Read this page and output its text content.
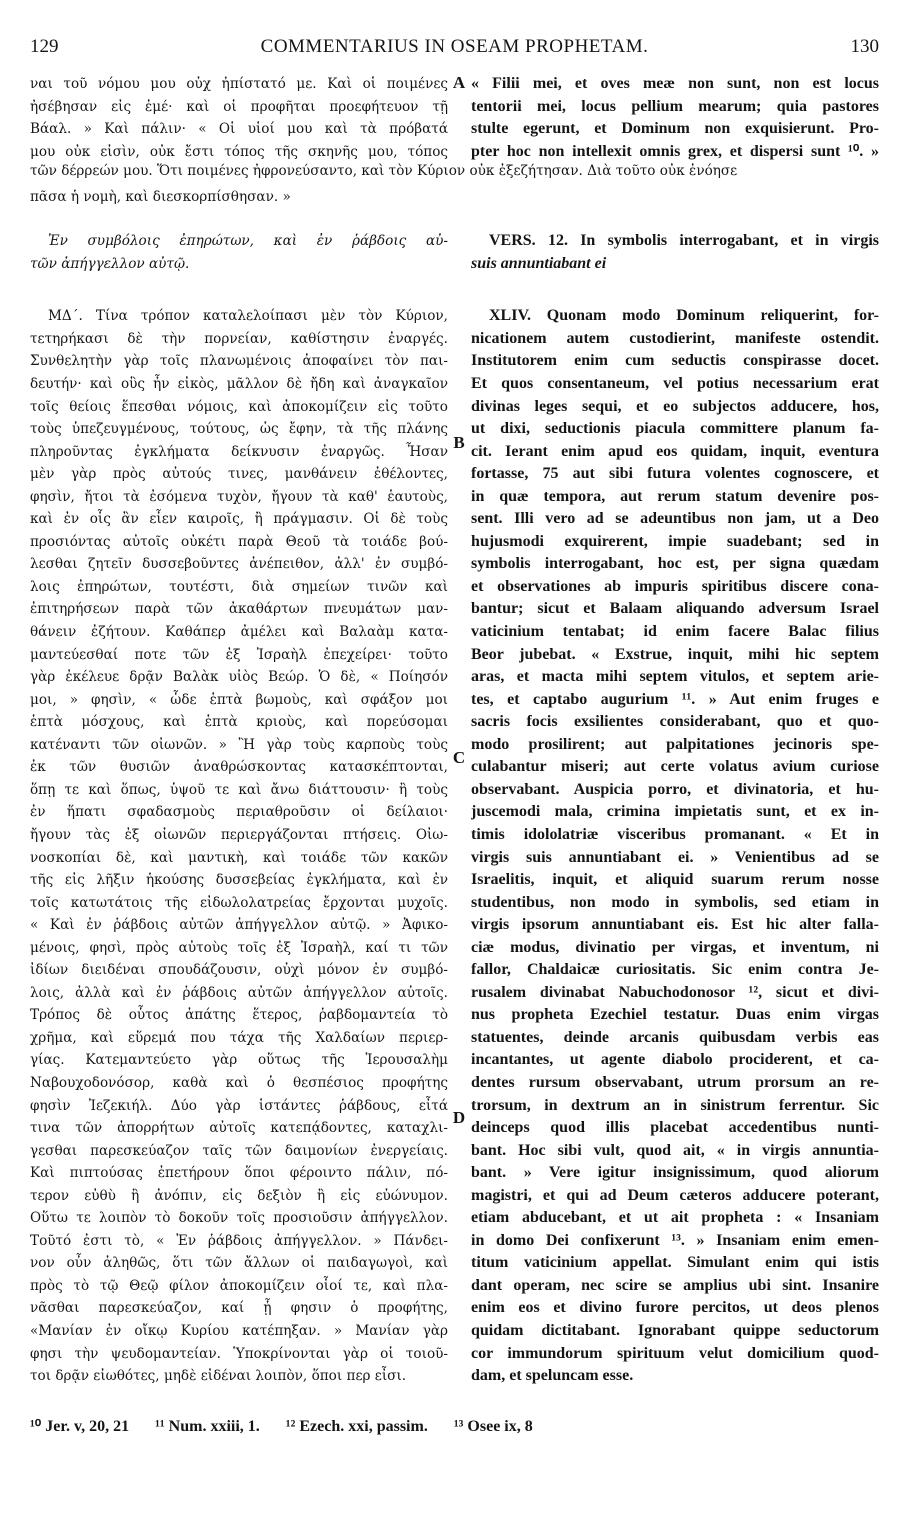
129	COMMENTARIUS IN OSEAM PROPHETAM.	130
ναι τοῦ νόμου μου οὐχ ἠπίστατό με. Καὶ οἱ ποιμένες
ἠσέβησαν εἰς ἐμέ· καὶ οἱ προφῆται προεφήτευον τῇ
Βάαλ. » Καὶ πάλιν· « Οἱ υἱοί μου καὶ τὰ πρόβατά
μου οὐκ εἰσὶν, οὐκ ἔστι τόπος τῆς σκηνῆς μου, τόπος
πᾶσα ἡ νομὴ, καὶ διεσκορπίσθησαν. »
Ἐν συμβόλοις ἐπηρώτων, καὶ ἐν ῥάβδοις αὐ-
τῶν ἀπήγγελλον αὐτῷ.
ΜΔ΄. Τίνα τρόπον καταλελοίπασι μὲν τὸν Κύριον,
τετηρήκασι δὲ τὴν πορνείαν, καθίστησιν ἐναργές.
Συνθελητὴν γὰρ τοῖς πλανωμένοις ἀποφαίνει τὸν παι-
δευτήν· καὶ οὓς ἦν εἰκὸς, μᾶλλον δὲ ἤδη καὶ ἀναγκαῖον
τοῖς θείοις ἕπεσθαι νόμοις, καὶ ἀποκομίζειν εἰς τοῦτο
τοὺς ὑπεζευγμένους, τούτους, ὡς ἔφην, τὰ τῆς πλάνης
πληροῦντας ἐγκλήματα δείκνυσιν ἐναργῶς. Ἦσαν
μὲν γὰρ πρὸς αὐτούς τινες, μανθάνειν ἐθέλοντες,
φησὶν, ἤτοι τὰ ἐσόμενα τυχὸν, ἤγουν τὰ καθ' ἑαυτοὺς,
καὶ ἐν οἷς ἂν εἶεν καιροῖς, ἢ πράγμασιν. Οἱ δὲ τοὺς
προσιόντας αὐτοῖς οὐκέτι παρὰ Θεοῦ τὰ τοιάδε βού-
λεσθαι ζητεῖν δυσσεβοῦντες ἀνέπειθον, ἀλλ' ἐν συμβό-
λοις ἐπηρώτων, τουτέστι, διὰ σημείων τινῶν καὶ
ἐπιτηρήσεων παρὰ τῶν ἀκαθάρτων πνευμάτων μαν-
θάνειν ἐζήτουν. Καθάπερ ἀμέλει καὶ Βαλαὰμ κατα-
μαντεύεσθαί ποτε τῶν ἐξ Ἰσραὴλ ἐπεχείρει· τοῦτο
γὰρ ἐκέλευε δρᾷν Βαλὰκ υἱὸς Βεώρ. Ὁ δὲ, « Ποίησόν
μοι, » φησὶν, « ὧδε ἑπτὰ βωμοὺς, καὶ σφάξον μοι
ἑπτὰ μόσχους, καὶ ἑπτὰ κριοὺς, καὶ πορεύσομαι
κατέναντι τῶν οἰωνῶν. » Ἢ γὰρ τοὺς καρποὺς τοὺς
ἐκ τῶν θυσιῶν ἀναθρώσκοντας κατασκέπτονται,
ὅπῃ τε καὶ ὅπως, ὑψοῦ τε καὶ ἄνω διάττουσιν· ἢ τοὺς
ἐν ἥπατι σφαδασμοὺς περιαθροῦσιν οἱ δείλαιοι·
ἤγουν τὰς ἐξ οἰωνῶν περιεργάζονται πτήσεις. Οἰω-
νοσκοπίαι δὲ, καὶ μαντικὴ, καὶ τοιάδε τῶν κακῶν
τῆς εἰς λῆξιν ἡκούσης δυσσεβείας ἐγκλήματα, καὶ ἐν
τοῖς κατωτάτοις τῆς εἰδωλολατρείας ἔρχονται μυχοῖς.
« Καὶ ἐν ῥάβδοις αὐτῶν ἀπήγγελλον αὐτῷ. » Ἀφικο-
μένοις, φησὶ, πρὸς αὐτοὺς τοῖς ἐξ Ἰσραὴλ, καί τι τῶν
ἰδίων διειδέναι σπουδάζουσιν, οὐχὶ μόνον ἐν συμβό-
λοις, ἀλλὰ καὶ ἐν ῥάβδοις αὐτῶν ἀπήγγελλον αὐτοῖς.
Τρόπος δὲ οὗτος ἀπάτης ἕτερος, ῥαβδομαντεία τὸ
χρῆμα, καὶ εὕρεμά που τάχα τῆς Χαλδαίων περιερ-
γίας. Κατεμαντεύετο γὰρ οὕτως τῆς Ἱερουσαλὴμ
Ναβουχοδονόσορ, καθὰ καὶ ὁ θεσπέσιος προφήτης
φησὶν Ἰεζεκιήλ. Δύο γὰρ ἱστάντες ῥάβδους, εἶτά
τινα τῶν ἀπορρήτων αὐτοῖς κατεπᾴδοντες, καταχλι-
γεσθαι παρεσκεύαζον ταῖς τῶν δαιμονίων ἐνεργείαις.
Καὶ πιπτούσας ἐπετήρουν ὅποι φέροιντο πάλιν, πό-
τερον εὐθὺ ἢ ἀνόπιν, εἰς δεξιὸν ἢ εἰς εὐώνυμον.
Οὕτω τε λοιπὸν τὸ δοκοῦν τοῖς προσιοῦσιν ἀπήγγελλον.
Τοῦτό ἐστι τὸ, « Ἐν ῥάβδοις ἀπήγγελλον. » Πάνδει-
νον οὖν ἀληθῶς, ὅτι τῶν ἄλλων οἱ παιδαγωγοὶ, καὶ
πρὸς τὸ τῷ Θεῷ φίλον ἀποκομίζειν οἷοί τε, καὶ πλα-
νᾶσθαι παρεσκεύαζον, καί ᾗ φησιν ὁ προφήτης,
«Μανίαν ἐν οἴκῳ Κυρίου κατέπηξαν. » Μανίαν γὰρ
φησι τὴν ψευδομαντείαν. Ὑποκρίνονται γὰρ οἱ τοιοῦ-
τοι δρᾷν εἰωθότες, μηδὲ εἰδέναι λοιπὸν, ὅποι περ εἶσι.
τῶν δέρρεών μου. Ὅτι ποιμένες ἠφρονεύσαντο, καὶ τὸν Κύριον οὐκ ἐξεζήτησαν. Διὰ τοῦτο οὐκ ἐνόησε
A
B
C
D
« Filii mei, et oves meæ non sunt, non est locus
tentorii mei, locus pellium mearum; quia pastores
stulte egerunt, et Dominum non exquisierunt. Pro-
pter hoc non intellexit omnis grex, et dispersi sunt ¹⁰. »
VERS. 12. In symbolis interrogabant, et in virgis
suis annuntiabant ei
XLIV. Quonam modo Dominum reliquerint, for-
nicationem autem custodierint, manifeste ostendit.
Institutorem enim cum seductis conspirasse docet.
Et quos consentaneum, vel potius necessarium erat
divinas leges sequi, et eo subjectos adducere, hos,
ut dixi, seductionis piacula committere planum fa-
cit. Ierant enim apud eos quidam, inquit, eventura
fortasse, 75 aut sibi futura volentes cognoscere, et
in quæ tempora, aut rerum statum devenire pos-
sent. Illi vero ad se adeuntibus non jam, ut a Deo
hujusmodi exquirerent, impie suadebant; sed in
symbolis interrogabant, hoc est, per signa quædam
et observationes ab impuris spiritibus discere cona-
bantur; sicut et Balaam aliquando adversum Israel
vaticinium tentabat; id enim facere Balac filius
Beor jubebat. « Exstrue, inquit, mihi hic septem
aras, et macta mihi septem vitulos, et septem arie-
tes, et captabo augurium ¹¹. » Aut enim fruges e
sacris focis exsilientes considerabant, quo et quo-
modo prosilirent; aut palpitationes jecinoris spe-
culabantur miseri; aut certe volatus avium curiose
observabant. Auspicia porro, et divinatoria, et hu-
juscemodi mala, crimina impietatis sunt, et ex in-
timis idololatriæ visceribus promanant. « Et in
virgis suis annuntiabant ei. » Venientibus ad se
Israelitis, inquit, et aliquid suarum rerum nosse
studentibus, non modo in symbolis, sed etiam in
virgis ipsorum annuntiabant eis. Est hic alter falla-
ciæ modus, divinatio per virgas, et inventum, ni
fallor, Chaldaicæ curiositatis. Sic enim contra Je-
rusalem divinabat Nabuchodonosor ¹², sicut et divi-
nus propheta Ezechiel testatur. Duas enim virgas
statuentes, deinde arcanis quibusdam verbis eas
incantantes, ut agente diabolo prociderent, et ca-
dentes rursum observabant, utrum prorsum an re-
trorsum, in dextrum an in sinistrum ferrentur. Sic
deinceps quod illis placebat accedentibus nunti-
bant. Hoc sibi vult, quod ait, « in virgis annuntia-
bant. » Vere igitur insignissimum, quod aliorum
magistri, et qui ad Deum cæteros adducere poterant,
etiam abducebant, et ut ait propheta : « Insaniam
in domo Dei confixerunt ¹³. » Insaniam enim emen-
titum vaticinium appellat. Simulant enim qui istis
dant operam, nec scire se amplius ubi sint. Insanire
enim eos et divino furore percitos, ut deos plenos
quidam dictitabant. Ignorabant quippe seductorum
cor immundorum spirituum velut domicilium quod-
dam, et speluncam esse.
¹⁰ Jer. v, 20, 21 ¹¹ Num. xxiii, 1. ¹² Ezech. xxi, passim. ¹³ Osee ix, 8
